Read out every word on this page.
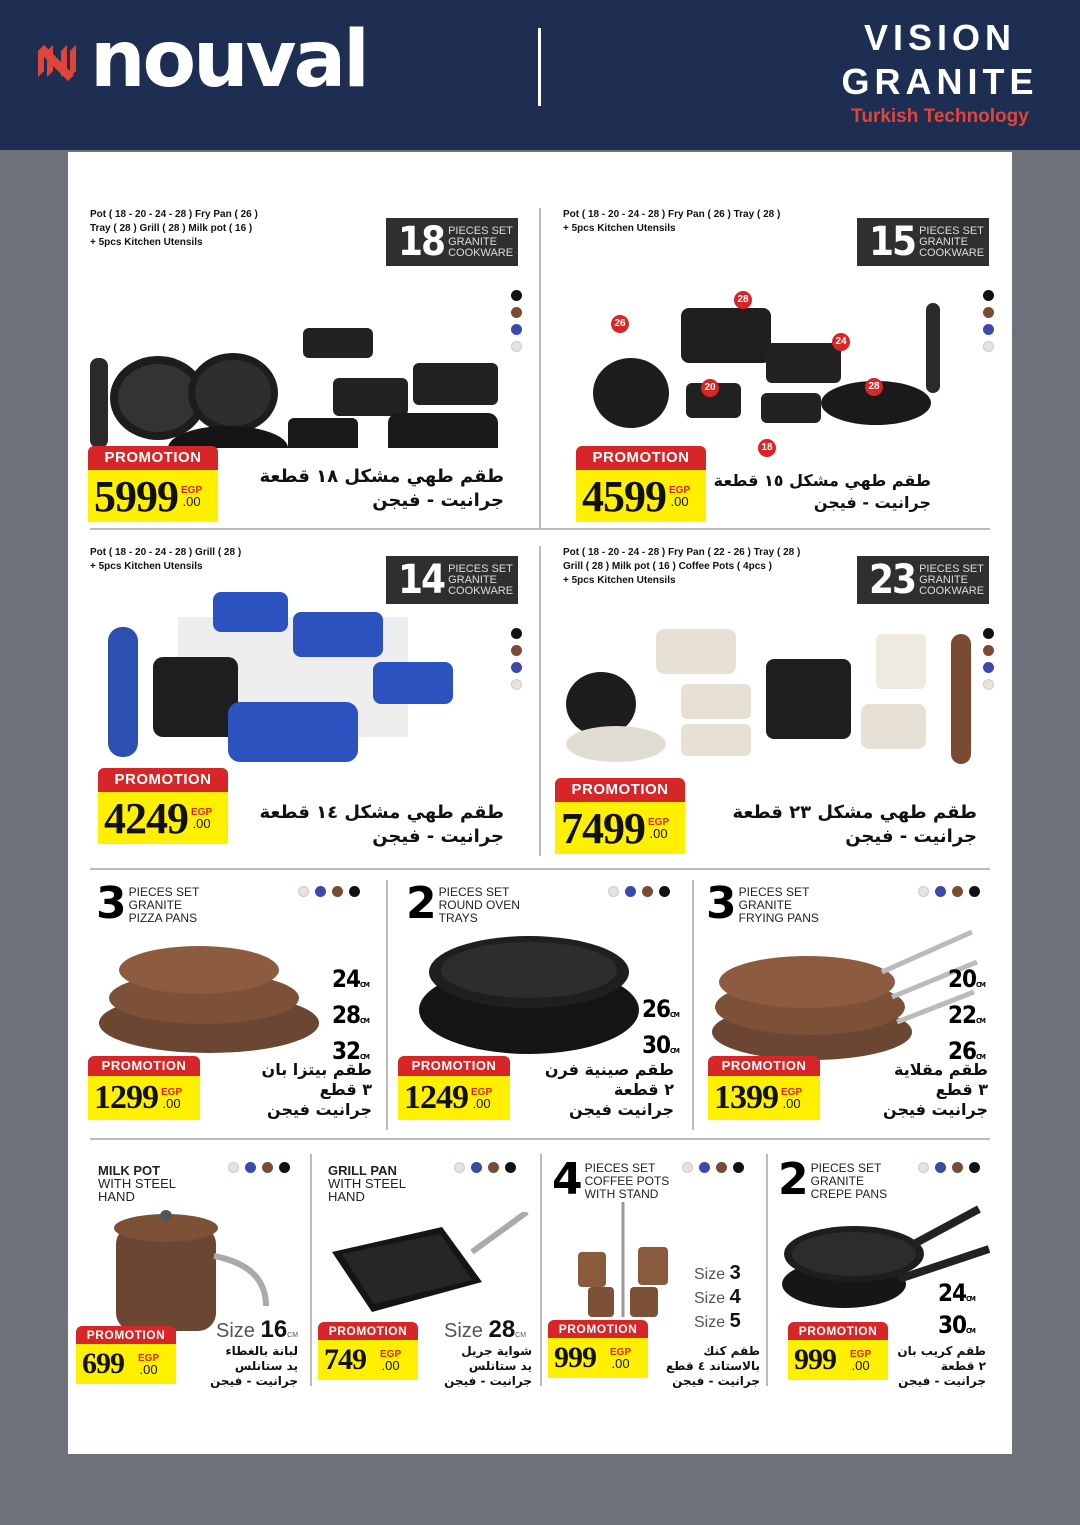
nouval	VISION
GRANITE
Turkish Technology
Pot ( 18 - 20 - 24 - 28 ) Fry Pan ( 26 )
Tray ( 28 ) Grill ( 28 ) Milk pot ( 16 )
+ 5pcs Kitchen Utensils	18 PIECES SET
GRANITE
COOKWARE
PROMOTION
5999 EGP
.00
طقم طهي مشكل ١٨ قطعة
جرانيت - فيجن
Pot ( 18 - 20 - 24 - 28 ) Fry Pan ( 26 ) Tray ( 28 )
+ 5pcs Kitchen Utensils	15 PIECES SET
GRANITE
COOKWARE
28
26
24
20	28
18
PROMOTION
4599 EGP
.00
طقم طهي مشكل ١٥ قطعة
جرانيت - فيجن
Pot ( 18 - 20 - 24 - 28 ) Grill ( 28 )
+ 5pcs Kitchen Utensils	14 PIECES SET
GRANITE
COOKWARE
PROMOTION
4249 EGP
.00
طقم طهي مشكل ١٤ قطعة
جرانيت - فيجن
Pot ( 18 - 20 - 24 - 28 ) Fry Pan ( 22 - 26 ) Tray ( 28 )
Grill ( 28 ) Milk pot ( 16 ) Coffee Pots ( 4pcs )
+ 5pcs Kitchen Utensils	23 PIECES SET
GRANITE
COOKWARE
PROMOTION
7499 EGP
.00
طقم طهي مشكل ٢٣ قطعة
جرانيت - فيجن
3 PIECES SET
GRANITE
PIZZA PANS
24CM
28CM
32CM
PROMOTION
1299 EGP
.00
طقم بيتزا بان
٣ قطع
جرانيت فيجن
2 PIECES SET
ROUND OVEN
TRAYS
26CM
30CM
PROMOTION
1249 EGP
.00
طقم صينية فرن
٢ قطعة
جرانيت فيجن
3 PIECES SET
GRANITE
FRYING PANS
20CM
22CM
26CM
PROMOTION
1399 EGP
.00
طقم مقلاية
٣ قطع
جرانيت فيجن
MILK POT
WITH STEEL
HAND
Size 16CM
PROMOTION
699 EGP
.00
لبانة بالغطاء
يد ستانلس
جرانيت - فيجن
GRILL PAN
WITH STEEL
HAND
Size 28CM
PROMOTION
749 EGP
.00
شواية جريل
يد ستانلس
جرانيت - فيجن
4 PIECES SET
COFFEE POTS
WITH STAND
Size 3
Size 4
Size 5
PROMOTION
999 EGP
.00
طقم كنك
بالاستاند ٤ قطع
جرانيت - فيجن
2 PIECES SET
GRANITE
CREPE PANS
24CM
30CM
PROMOTION
999 EGP
.00
طقم كريب بان
٢ قطعة
جرانيت - فيجن
